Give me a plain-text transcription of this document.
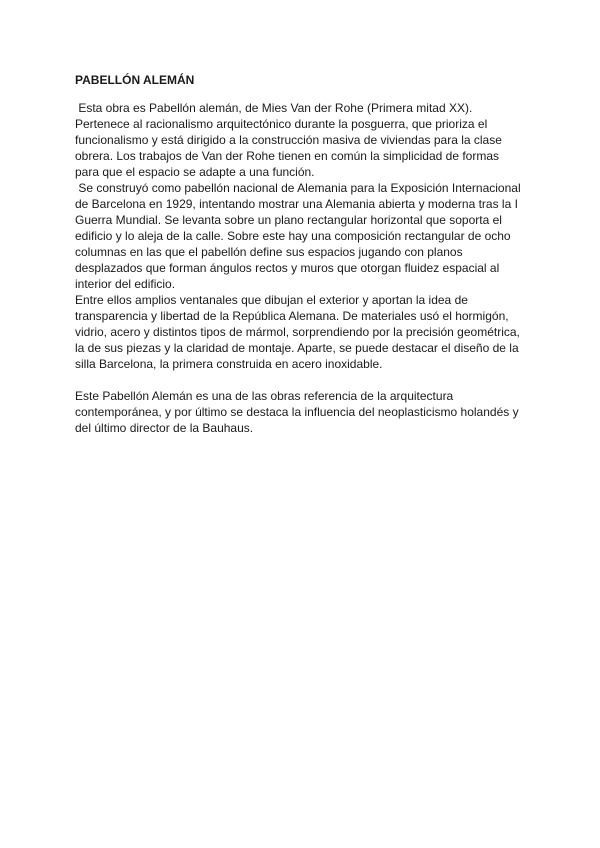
PABELLÓN ALEMÁN

Esta obra es Pabellón alemán, de Mies Van der Rohe (Primera mitad XX).
Pertenece al racionalismo arquitectónico durante la posguerra, que prioriza el
funcionalismo y está dirigido a la construcción masiva de viviendas para la clase
obrera. Los trabajos de Van der Rohe tienen en común la simplicidad de formas
para que el espacio se adapte a una función.

Se construyó como pabellón nacional de Alemania para la Exposición Internacional
de Barcelona en 1929, intentando mostrar una Alemania abierta y moderna tras la I
Guerra Mundial. Se levanta sobre un plano rectangular horizontal que soporta el
edificio y lo aleja de la calle. Sobre este hay una composición rectangular de ocho
columnas en las que el pabellón define sus espacios jugando con planos
desplazados que forman ángulos rectos y muros que otorgan fluidez espacial al
interior del edificio.

Entre ellos amplios ventanales que dibujan el exterior y aportan la idea de
transparencia y libertad de la República Alemana. De materiales usó el hormigón,
vidrio, acero y distintos tipos de mármol, sorprendiendo por la precisión geométrica,
la de sus piezas y la claridad de montaje. Aparte, se puede destacar el diseño de la
silla Barcelona, la primera construida en acero inoxidable.

Este Pabellón Alemán es una de las obras referencia de la arquitectura
contemporánea, y por último se destaca la influencia del neoplasticismo holandés y
del último director de la Bauhaus.
